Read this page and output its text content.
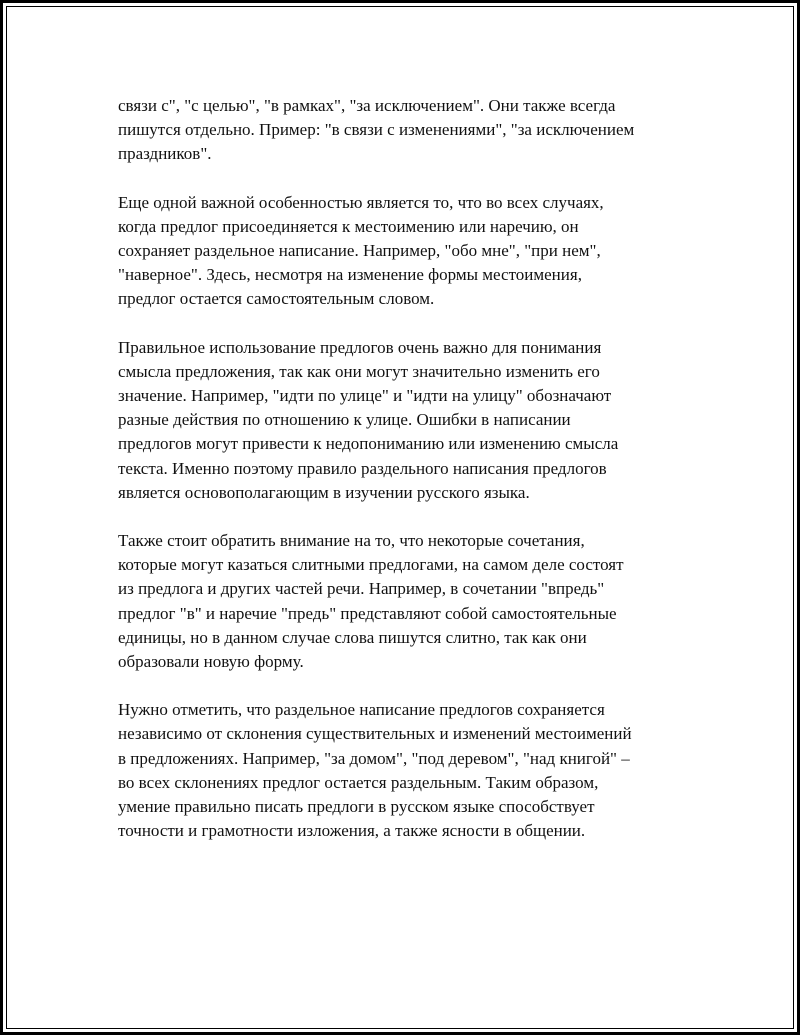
связи с", "с целью", "в рамках", "за исключением". Они также всегда
пишутся отдельно. Пример: "в связи с изменениями", "за исключением
праздников".

Еще одной важной особенностью является то, что во всех случаях,
когда предлог присоединяется к местоимению или наречию, он
сохраняет раздельное написание. Например, "обо мне", "при нем",
"наверное". Здесь, несмотря на изменение формы местоимения,
предлог остается самостоятельным словом.

Правильное использование предлогов очень важно для понимания
смысла предложения, так как они могут значительно изменить его
значение. Например, "идти по улице" и "идти на улицу" обозначают
разные действия по отношению к улице. Ошибки в написании
предлогов могут привести к недопониманию или изменению смысла
текста. Именно поэтому правило раздельного написания предлогов
является основополагающим в изучении русского языка.

Также стоит обратить внимание на то, что некоторые сочетания,
которые могут казаться слитными предлогами, на самом деле состоят
из предлога и других частей речи. Например, в сочетании "впредь"
предлог "в" и наречие "предь" представляют собой самостоятельные
единицы, но в данном случае слова пишутся слитно, так как они
образовали новую форму.

Нужно отметить, что раздельное написание предлогов сохраняется
независимо от склонения существительных и изменений местоимений
в предложениях. Например, "за домом", "под деревом", "над книгой" –
во всех склонениях предлог остается раздельным. Таким образом,
умение правильно писать предлоги в русском языке способствует
точности и грамотности изложения, а также ясности в общении.
